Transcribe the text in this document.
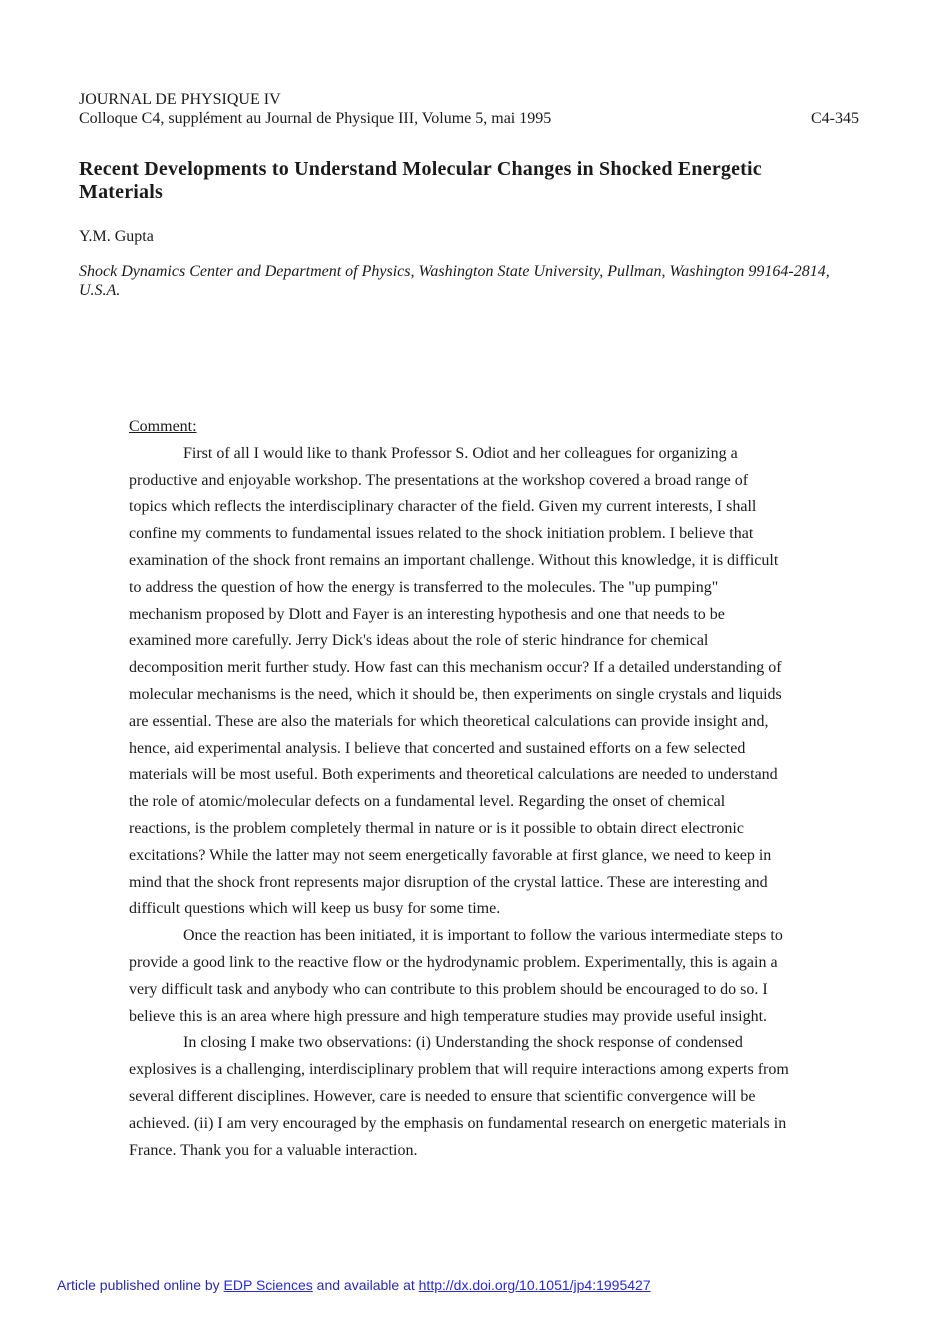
JOURNAL DE PHYSIQUE IV
Colloque C4, supplément au Journal de Physique III, Volume 5, mai 1995	C4-345
Recent Developments to Understand Molecular Changes in Shocked Energetic Materials
Y.M. Gupta
Shock Dynamics Center and Department of Physics, Washington State University, Pullman, Washington 99164-2814, U.S.A.
Comment:

First of all I would like to thank Professor S. Odiot and her colleagues for organizing a productive and enjoyable workshop. The presentations at the workshop covered a broad range of topics which reflects the interdisciplinary character of the field. Given my current interests, I shall confine my comments to fundamental issues related to the shock initiation problem. I believe that examination of the shock front remains an important challenge. Without this knowledge, it is difficult to address the question of how the energy is transferred to the molecules. The "up pumping" mechanism proposed by Dlott and Fayer is an interesting hypothesis and one that needs to be examined more carefully. Jerry Dick's ideas about the role of steric hindrance for chemical decomposition merit further study. How fast can this mechanism occur? If a detailed understanding of molecular mechanisms is the need, which it should be, then experiments on single crystals and liquids are essential. These are also the materials for which theoretical calculations can provide insight and, hence, aid experimental analysis. I believe that concerted and sustained efforts on a few selected materials will be most useful. Both experiments and theoretical calculations are needed to understand the role of atomic/molecular defects on a fundamental level. Regarding the onset of chemical reactions, is the problem completely thermal in nature or is it possible to obtain direct electronic excitations? While the latter may not seem energetically favorable at first glance, we need to keep in mind that the shock front represents major disruption of the crystal lattice. These are interesting and difficult questions which will keep us busy for some time.

Once the reaction has been initiated, it is important to follow the various intermediate steps to provide a good link to the reactive flow or the hydrodynamic problem. Experimentally, this is again a very difficult task and anybody who can contribute to this problem should be encouraged to do so. I believe this is an area where high pressure and high temperature studies may provide useful insight.

In closing I make two observations: (i) Understanding the shock response of condensed explosives is a challenging, interdisciplinary problem that will require interactions among experts from several different disciplines. However, care is needed to ensure that scientific convergence will be achieved. (ii) I am very encouraged by the emphasis on fundamental research on energetic materials in France. Thank you for a valuable interaction.

Article published online by EDP Sciences and available at http://dx.doi.org/10.1051/jp4:1995427
